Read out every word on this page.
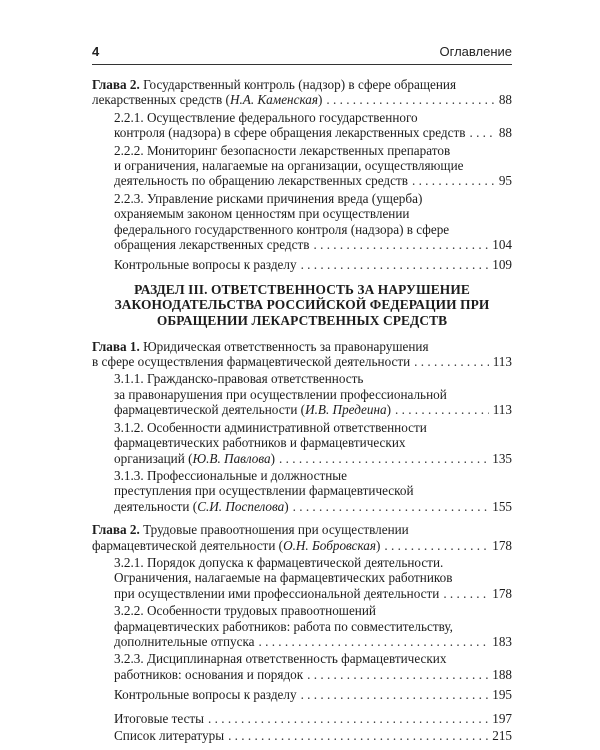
4	Оглавление
Глава 2. Государственный контроль (надзор) в сфере обращения
лекарственных средств (Н.А. Каменская) . . .	88
2.2.1. Осуществление федерального государственного
контроля (надзора) в сфере обращения лекарственных средств . . .	88
2.2.2. Мониторинг безопасности лекарственных препаратов
и ограничения, налагаемые на организации, осуществляющие
деятельность по обращению лекарственных средств . . .	95
2.2.3. Управление рисками причинения вреда (ущерба)
охраняемым законом ценностям при осуществлении
федерального государственного контроля (надзора) в сфере
обращения лекарственных средств . . .	104
Контрольные вопросы к разделу . . .	109
РАЗДЕЛ III. ОТВЕТСТВЕННОСТЬ ЗА НАРУШЕНИЕ
ЗАКОНОДАТЕЛЬСТВА РОССИЙСКОЙ ФЕДЕРАЦИИ ПРИ
ОБРАЩЕНИИ ЛЕКАРСТВЕННЫХ СРЕДСТВ
Глава 1. Юридическая ответственность за правонарушения
в сфере осуществления фармацевтической деятельности . . .	113
3.1.1. Гражданско-правовая ответственность
за правонарушения при осуществлении профессиональной
фармацевтической деятельности (И.В. Предеина) . . .	113
3.1.2. Особенности административной ответственности
фармацевтических работников и фармацевтических
организаций (Ю.В. Павлова) . . .	135
3.1.3. Профессиональные и должностные
преступления при осуществлении фармацевтической
деятельности (С.И. Поспелова) . . .	155
Глава 2. Трудовые правоотношения при осуществлении
фармацевтической деятельности (О.Н. Бобровская) . . .	178
3.2.1. Порядок допуска к фармацевтической деятельности.
Ограничения, налагаемые на фармацевтических работников
при осуществлении ими профессиональной деятельности . . .	178
3.2.2. Особенности трудовых правоотношений
фармацевтических работников: работа по совместительству,
дополнительные отпуска . . .	183
3.2.3. Дисциплинарная ответственность фармацевтических
работников: основания и порядок . . .	188
Контрольные вопросы к разделу . . .	195
Итоговые тесты . . .	197
Список литературы . . .	215
